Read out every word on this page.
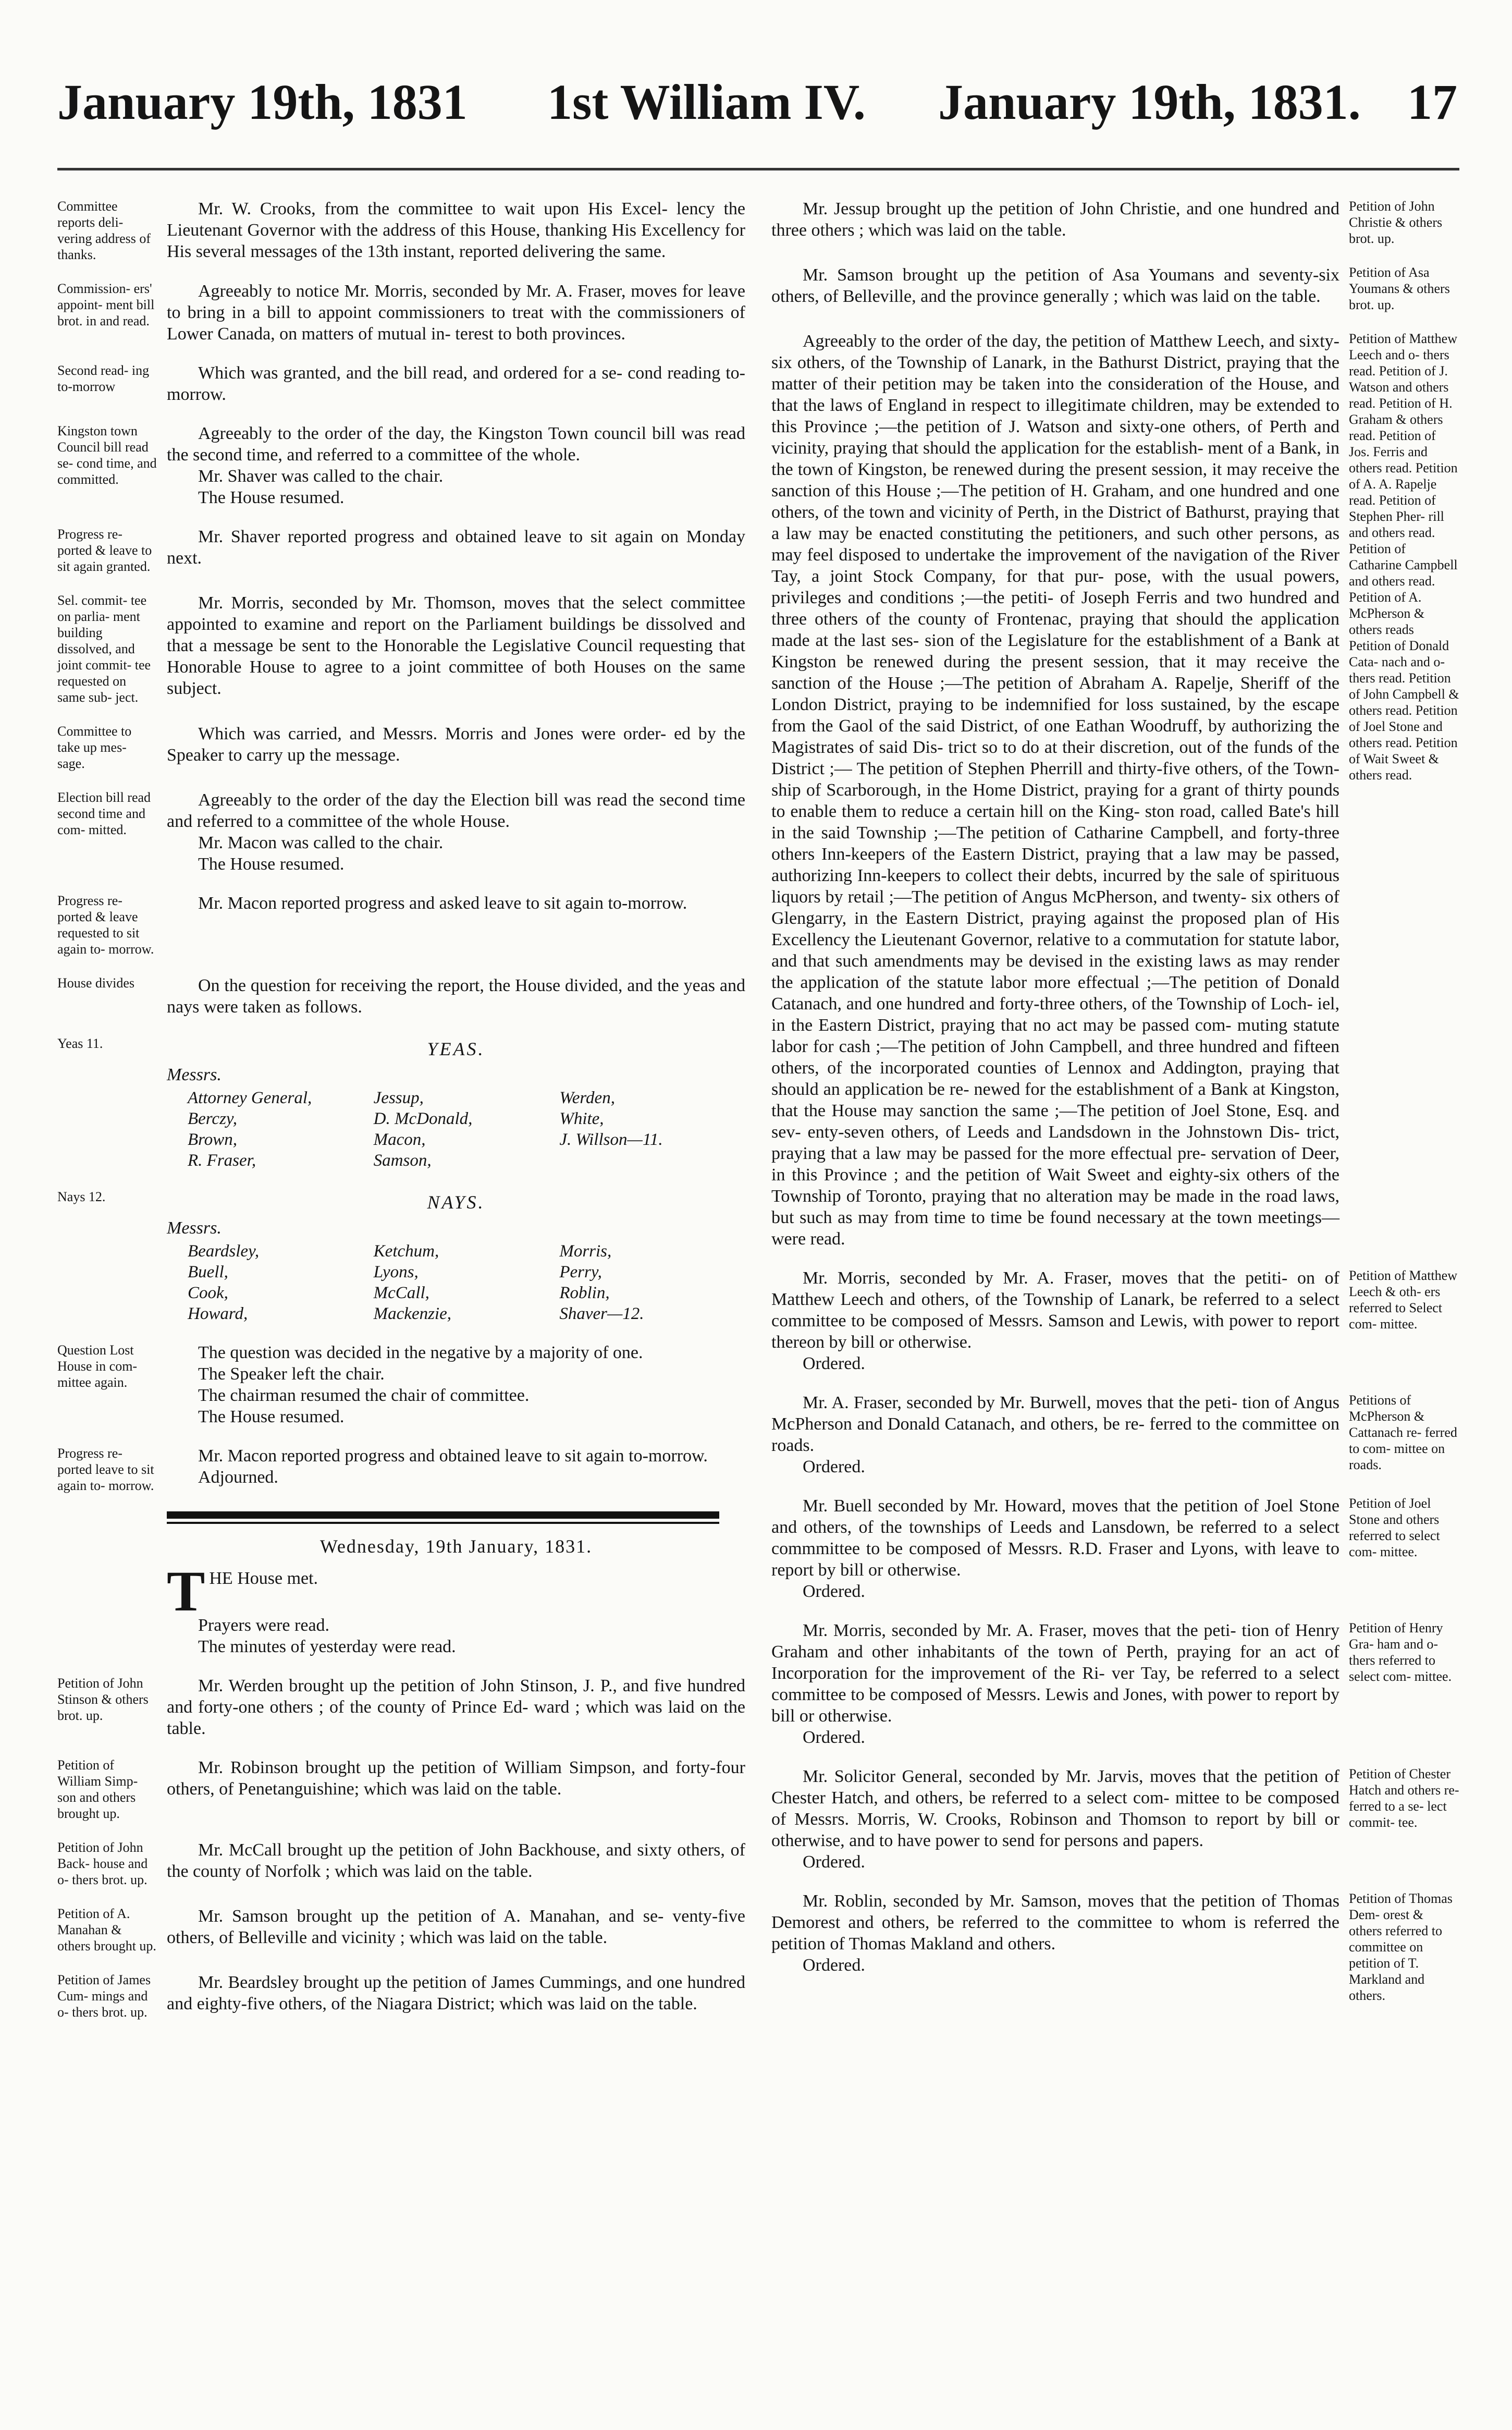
January 19th, 1831 1st William IV. January 19th, 1831. 17
Committee reports deli- vering address of thanks.

Mr. W. Crooks, from the committee to wait upon His Excel- lency the Lieutenant Governor with the address of this House, thanking His Excellency for His several messages of the 13th instant, reported delivering the same.

Commission- ers' appoint- ment bill brot. in and read.

Agreeably to notice Mr. Morris, seconded by Mr. A. Fraser, moves for leave to bring in a bill to appoint commissioners to treat with the commissioners of Lower Canada, on matters of mutual in- terest to both provinces.

Second read- ing to-morrow

Which was granted, and the bill read, and ordered for a se- cond reading to-morrow.

Kingston town Council bill read se- cond time, and committed.

Agreeably to the order of the day, the Kingston Town council bill was read the second time, and referred to a committee of the whole.

Mr. Shaver was called to the chair.

The House resumed.

Progress re- ported & leave to sit again granted.

Mr. Shaver reported progress and obtained leave to sit again on Monday next.

Sel. commit- tee on parlia- ment building dissolved, and joint commit- tee requested on same sub- ject.

Mr. Morris, seconded by Mr. Thomson, moves that the select committee appointed to examine and report on the Parliament buildings be dissolved and that a message be sent to the Honorable the Legislative Council requesting that Honorable House to agree to a joint committee of both Houses on the same subject.

Committee to take up mes- sage.

Which was carried, and Messrs. Morris and Jones were order- ed by the Speaker to carry up the message.

Election bill read second time and com- mitted.

Agreeably to the order of the day the Election bill was read the second time and referred to a committee of the whole House.

Mr. Macon was called to the chair.

The House resumed.

Progress re- ported & leave requested to sit again to- morrow.

Mr. Macon reported progress and asked leave to sit again to-morrow.

House divides	On the question for receiving the report, the House divided, and the yeas and nays were taken as follows.

Yeas 11.	YEAS.
Messrs.
Attorney General,	Jessup,	Werden,
Berczy,	D. McDonald,	White,
Brown,	Macon,	J. Willson—11.
R. Fraser,	Samson,
Nays 12.	NAYS.
Messrs.
Beardsley,	Ketchum,	Morris,
Buell,	Lyons,	Perry,
Cook,	McCall,	Roblin,
Howard,	Mackenzie,	Shaver—12.
Question Lost House in com- mittee again.

The question was decided in the negative by a majority of one.

The Speaker left the chair.

The chairman resumed the chair of committee.

The House resumed.

Progress re- ported leave to sit again to- morrow.

Mr. Macon reported progress and obtained leave to sit again to-morrow.

Adjourned.

Wednesday, 19th January, 1831.

THE House met.

Prayers were read.

The minutes of yesterday were read.

Petition of John Stinson & others brot. up.

Mr. Werden brought up the petition of John Stinson, J. P., and five hundred and forty-one others ; of the county of Prince Ed- ward ; which was laid on the table.

Petition of William Simp- son and others brought up.

Mr. Robinson brought up the petition of William Simpson, and forty-four others, of Penetanguishine; which was laid on the table.

Petition of John Back- house and o- thers brot. up.

Mr. McCall brought up the petition of John Backhouse, and sixty others, of the county of Norfolk ; which was laid on the table.

Petition of A. Manahan & others brought up.

Mr. Samson brought up the petition of A. Manahan, and se- venty-five others, of Belleville and vicinity ; which was laid on the table.

Petition of James Cum- mings and o- thers brot. up.

Mr. Beardsley brought up the petition of James Cummings, and one hundred and eighty-five others, of the Niagara District; which was laid on the table.

Petition of John Christie & others brot. up.

Mr. Jessup brought up the petition of John Christie, and one hundred and three others ; which was laid on the table.

Petition of Asa Youmans & others brot. up.

Mr. Samson brought up the petition of Asa Youmans and seventy-six others, of Belleville, and the province generally ; which was laid on the table.

Petition of Matthew Leech and o- thers read. Petition of J. Watson and others read. Petition of H. Graham & others read. Petition of Jos. Ferris and others read. Petition of A. A. Rapelje read. Petition of Stephen Pher- rill and others read. Petition of Catharine Campbell and others read. Petition of A. McPherson & others reads Petition of Donald Cata- nach and o- thers read. Petition of John Campbell & others read. Petition of Joel Stone and others read. Petition of Wait Sweet & others read.

Agreeably to the order of the day, the petition of Matthew Leech, and sixty-six others, of the Township of Lanark, in the Bathurst District, praying that the matter of their petition may be taken into the consideration of the House, and that the laws of England in respect to illegitimate children, may be extended to this Province ;—the petition of J. Watson and sixty-one others, of Perth and vicinity, praying that should the application for the establish- ment of a Bank, in the town of Kingston, be renewed during the present session, it may receive the sanction of this House ;—The petition of H. Graham, and one hundred and one others, of the town and vicinity of Perth, in the District of Bathurst, praying that a law may be enacted constituting the petitioners, and such other persons, as may feel disposed to undertake the improvement of the navigation of the River Tay, a joint Stock Company, for that pur- pose, with the usual powers, privileges and conditions ;—the petiti- of Joseph Ferris and two hundred and three others of the county of Frontenac, praying that should the application made at the last ses- sion of the Legislature for the establishment of a Bank at Kingston be renewed during the present session, that it may receive the sanction of the House ;—The petition of Abraham A. Rapelje, Sheriff of the London District, praying to be indemnified for loss sustained, by the escape from the Gaol of the said District, of one Eathan Woodruff, by authorizing the Magistrates of said Dis- trict so to do at their discretion, out of the funds of the District ;— The petition of Stephen Pherrill and thirty-five others, of the Town- ship of Scarborough, in the Home District, praying for a grant of thirty pounds to enable them to reduce a certain hill on the King- ston road, called Bate's hill in the said Township ;—The petition of Catharine Campbell, and forty-three others Inn-keepers of the Eastern District, praying that a law may be passed, authorizing Inn-keepers to collect their debts, incurred by the sale of spirituous liquors by retail ;—The petition of Angus McPherson, and twenty- six others of Glengarry, in the Eastern District, praying against the proposed plan of His Excellency the Lieutenant Governor, relative to a commutation for statute labor, and that such amendments may be devised in the existing laws as may render the application of the statute labor more effectual ;—The petition of Donald Catanach, and one hundred and forty-three others, of the Township of Loch- iel, in the Eastern District, praying that no act may be passed com- muting statute labor for cash ;—The petition of John Campbell, and three hundred and fifteen others, of the incorporated counties of Lennox and Addington, praying that should an application be re- newed for the establishment of a Bank at Kingston, that the House may sanction the same ;—The petition of Joel Stone, Esq. and sev- enty-seven others, of Leeds and Landsdown in the Johnstown Dis- trict, praying that a law may be passed for the more effectual pre- servation of Deer, in this Province ; and the petition of Wait Sweet and eighty-six others of the Township of Toronto, praying that no alteration may be made in the road laws, but such as may from time to time be found necessary at the town meetings—were read.

Petition of Matthew Leech & oth- ers referred to Select com- mittee.

Mr. Morris, seconded by Mr. A. Fraser, moves that the petiti- on of Matthew Leech and others, of the Township of Lanark, be referred to a select committee to be composed of Messrs. Samson and Lewis, with power to report thereon by bill or otherwise.

Ordered.

Petitions of McPherson & Cattanach re- ferred to com- mittee on roads.

Mr. A. Fraser, seconded by Mr. Burwell, moves that the peti- tion of Angus McPherson and Donald Catanach, and others, be re- ferred to the committee on roads.

Ordered.

Petition of Joel Stone and others referred to select com- mittee.

Mr. Buell seconded by Mr. Howard, moves that the petition of Joel Stone and others, of the townships of Leeds and Lansdown, be referred to a select commmittee to be composed of Messrs. R.D. Fraser and Lyons, with leave to report by bill or otherwise.

Ordered.

Petition of Henry Gra- ham and o- thers referred to select com- mittee.

Mr. Morris, seconded by Mr. A. Fraser, moves that the peti- tion of Henry Graham and other inhabitants of the town of Perth, praying for an act of Incorporation for the improvement of the Ri- ver Tay, be referred to a select committee to be composed of Messrs. Lewis and Jones, with power to report by bill or otherwise.

Ordered.

Petition of Chester Hatch and others re- ferred to a se- lect commit- tee.

Mr. Solicitor General, seconded by Mr. Jarvis, moves that the petition of Chester Hatch, and others, be referred to a select com- mittee to be composed of Messrs. Morris, W. Crooks, Robinson and Thomson to report by bill or otherwise, and to have power to send for persons and papers.

Ordered.

Petition of Thomas Dem- orest & others referred to committee on petition of T. Markland and others.

Mr. Roblin, seconded by Mr. Samson, moves that the petition of Thomas Demorest and others, be referred to the committee to whom is referred the petition of Thomas Makland and others.

Ordered.
